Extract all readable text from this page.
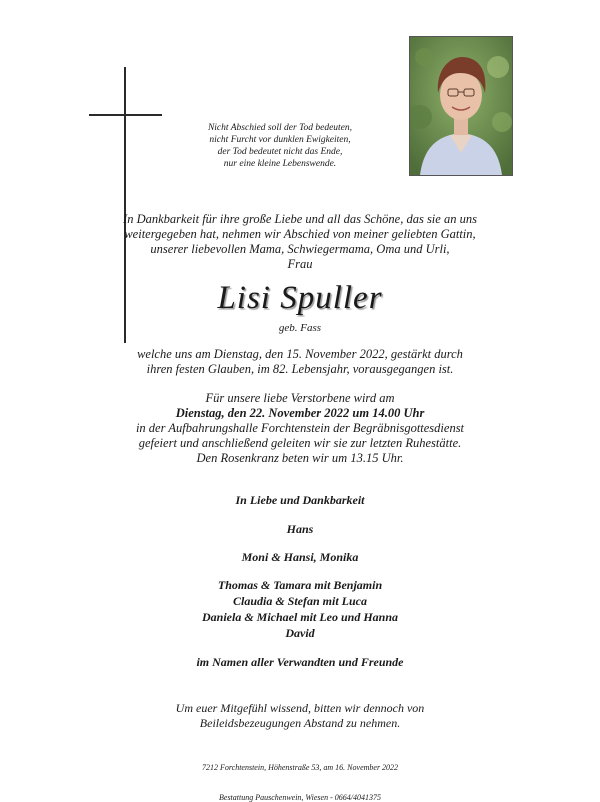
Nicht Abschied soll der Tod bedeuten,
nicht Furcht vor dunklen Ewigkeiten,
der Tod bedeutet nicht das Ende,
nur eine kleine Lebenswende.
In Dankbarkeit für ihre große Liebe und all das Schöne, das sie an uns
weitergegeben hat, nehmen wir Abschied von meiner geliebten Gattin,
unserer liebevollen Mama, Schwiegermama, Oma und Urli,
Frau
Lisi Spuller
geb. Fass
welche uns am Dienstag, den 15. November 2022, gestärkt durch
ihren festen Glauben, im 82. Lebensjahr, vorausgegangen ist.
Für unsere liebe Verstorbene wird am
Dienstag, den 22. November 2022 um 14.00 Uhr
in der Aufbahrungshalle Forchtenstein der Begräbnisgottesdienst
gefeiert und anschließend geleiten wir sie zur letzten Ruhestätte.
Den Rosenkranz beten wir um 13.15 Uhr.
In Liebe und Dankbarkeit
Hans
Moni & Hansi, Monika
Thomas & Tamara mit Benjamin
Claudia & Stefan mit Luca
Daniela & Michael mit Leo und Hanna
David
im Namen aller Verwandten und Freunde
Um euer Mitgefühl wissend, bitten wir dennoch von
Beileidsbezeugungen Abstand zu nehmen.
7212 Forchtenstein, Höhenstraße 53, am 16. November 2022
Bestattung Pauschenwein, Wiesen - 0664/4041375
